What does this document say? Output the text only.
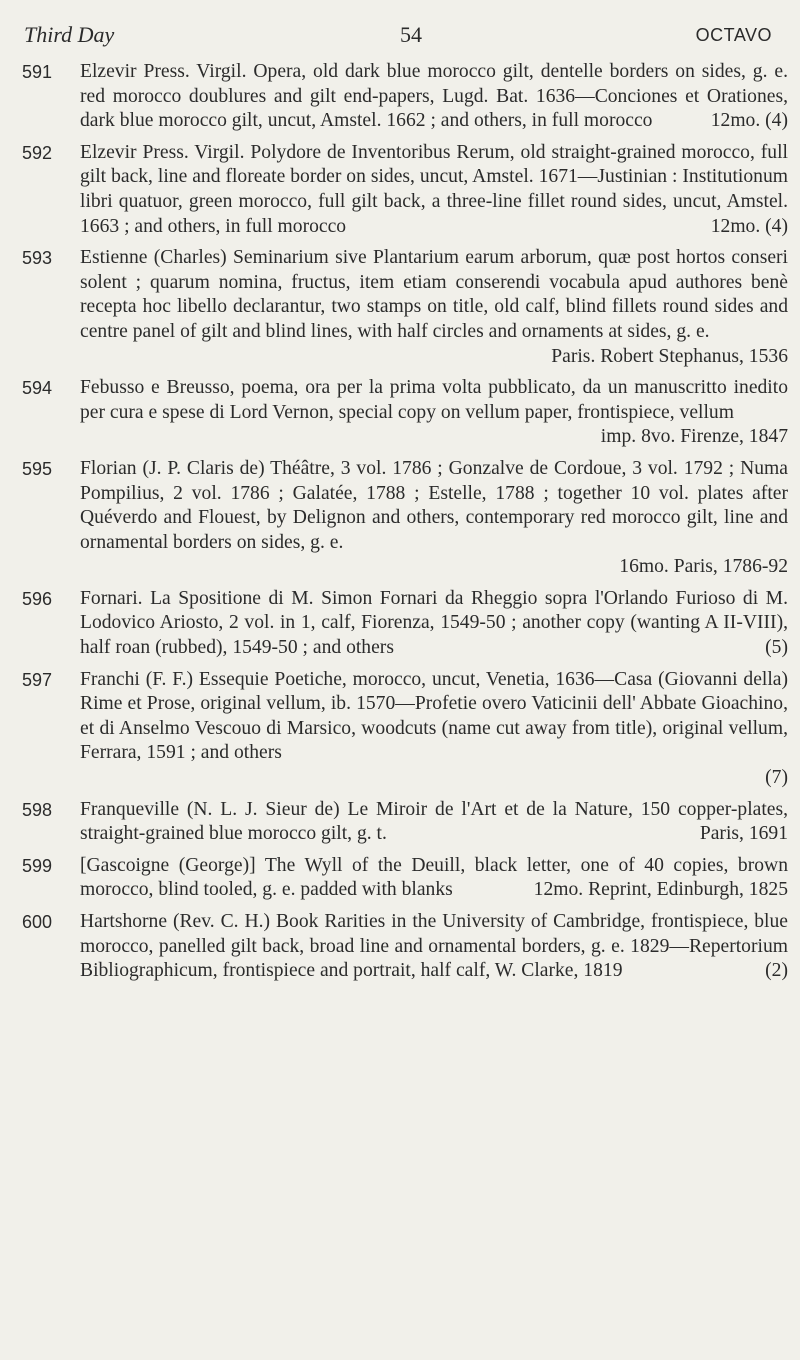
Third Day	54	OCTAVO
591 Elzevir Press. Virgil. Opera, old dark blue morocco gilt, dentelle borders on sides, g. e. red morocco doublures and gilt end-papers, Lugd. Bat. 1636—Conciones et Orationes, dark blue morocco gilt, uncut, Amstel. 1662 ; and others, in full morocco	12mo. (4)
592 Elzevir Press. Virgil. Polydore de Inventoribus Rerum, old straight-grained morocco, full gilt back, line and floreate border on sides, uncut, Amstel. 1671—Justinian : Institutionum libri quatuor, green morocco, full gilt back, a three-line fillet round sides, uncut, Amstel. 1663 ; and others, in full morocco	12mo. (4)
593 Estienne (Charles) Seminarium sive Plantarium earum arborum, quæ post hortos conseri solent ; quarum nomina, fructus, item etiam conserendi vocabula apud authores benè recepta hoc libello declarantur, two stamps on title, old calf, blind fillets round sides and centre panel of gilt and blind lines, with half circles and ornaments at sides, g. e.
Paris. Robert Stephanus, 1536
594 Febusso e Breusso, poema, ora per la prima volta pubblicato, da un manuscritto inedito per cura e spese di Lord Vernon, special copy on vellum paper, frontispiece, vellum
imp. 8vo. Firenze, 1847
595 Florian (J. P. Claris de) Théâtre, 3 vol. 1786 ; Gonzalve de Cordoue, 3 vol. 1792 ; Numa Pompilius, 2 vol. 1786 ; Galatée, 1788 ; Estelle, 1788 ; together 10 vol. plates after Quéverdo and Flouest, by Delignon and others, contemporary red morocco gilt, line and ornamental borders on sides, g. e.
16mo. Paris, 1786-92
596 Fornari. La Spositione di M. Simon Fornari da Rheggio sopra l'Orlando Furioso di M. Lodovico Ariosto, 2 vol. in 1, calf, Fiorenza, 1549-50 ; another copy (wanting A II-VIII), half roan (rubbed), 1549-50 ; and others	(5)
597 Franchi (F. F.) Essequie Poetiche, morocco, uncut, Venetia, 1636—Casa (Giovanni della) Rime et Prose, original vellum, ib. 1570—Profetie overo Vaticinii dell' Abbate Gioachino, et di Anselmo Vescouo di Marsico, woodcuts (name cut away from title), original vellum, Ferrara, 1591 ; and others
(7)
598 Franqueville (N. L. J. Sieur de) Le Miroir de l'Art et de la Nature, 150 copper-plates, straight-grained blue morocco gilt, g. t.	Paris, 1691
599 [Gascoigne (George)] The Wyll of the Deuill, black letter, one of 40 copies, brown morocco, blind tooled, g. e. padded with blanks	12mo. Reprint, Edinburgh, 1825
600 Hartshorne (Rev. C. H.) Book Rarities in the University of Cambridge, frontispiece, blue morocco, panelled gilt back, broad line and ornamental borders, g. e. 1829—Repertorium Bibliographicum, frontispiece and portrait, half calf, W. Clarke, 1819	(2)
